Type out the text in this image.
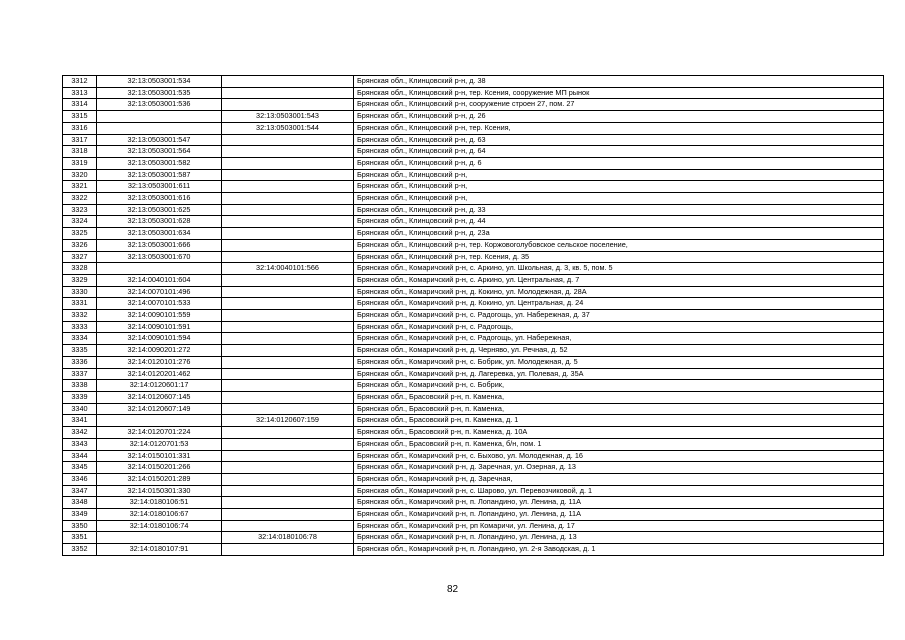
3312	32:13:0503001:534		Брянская обл., Клинцовский р-н, д. 38
3313	32:13:0503001:535		Брянская обл., Клинцовский р-н, тер. Ксения, сооружение МП рынок
3314	32:13:0503001:536		Брянская обл., Клинцовский р-н, сооружение строен 27, пом. 27
3315		32:13:0503001:543	Брянская обл., Клинцовский р-н, д. 26
3316		32:13:0503001:544	Брянская обл., Клинцовский р-н, тер. Ксения,
3317	32:13:0503001:547		Брянская обл., Клинцовский р-н, д. 63
3318	32:13:0503001:564		Брянская обл., Клинцовский р-н, д. 64
3319	32:13:0503001:582		Брянская обл., Клинцовский р-н, д. 6
3320	32:13:0503001:587		Брянская обл., Клинцовский р-н,
3321	32:13:0503001:611		Брянская обл., Клинцовский р-н,
3322	32:13:0503001:616		Брянская обл., Клинцовский р-н,
3323	32:13:0503001:625		Брянская обл., Клинцовский р-н, д. 33
3324	32:13:0503001:628		Брянская обл., Клинцовский р-н, д. 44
3325	32:13:0503001:634		Брянская обл., Клинцовский р-н, д. 23а
3326	32:13:0503001:666		Брянская обл., Клинцовский р-н, тер. Коржовоголубовское сельское поселение,
3327	32:13:0503001:670		Брянская обл., Клинцовский р-н, тер. Ксения, д. 35
3328		32:14:0040101:566	Брянская обл., Комаричский р-н, с. Аркино, ул. Школьная, д. 3, кв. 5, пом. 5
3329	32:14:0040101:604		Брянская обл., Комаричский р-н, с. Аркино, ул. Центральная, д. 7
3330	32:14:0070101:496		Брянская обл., Комаричский р-н, д. Кокино, ул. Молодежная, д. 28А
3331	32:14:0070101:533		Брянская обл., Комаричский р-н, д. Кокино, ул. Центральная, д. 24
3332	32:14:0090101:559		Брянская обл., Комаричский р-н, с. Радогощь, ул. Набережная, д. 37
3333	32:14:0090101:591		Брянская обл., Комаричский р-н, с. Радогощь,
3334	32:14:0090101:594		Брянская обл., Комаричский р-н, с. Радогощь, ул. Набережная,
3335	32:14:0090201:272		Брянская обл., Комаричский р-н, д. Черняво, ул. Речная, д. 52
3336	32:14:0120101:276		Брянская обл., Комаричский р-н, с. Бобрик, ул. Молодежная, д. 5
3337	32:14:0120201:462		Брянская обл., Комаричский р-н, д. Лагеревка, ул. Полевая, д. 35А
3338	32:14:0120601:17		Брянская обл., Комаричский р-н, с. Бобрик,
3339	32:14:0120607:145		Брянская обл., Брасовский р-н, п. Каменка,
3340	32:14:0120607:149		Брянская обл., Брасовский р-н, п. Каменка,
3341		32:14:0120607:159	Брянская обл., Брасовский р-н, п. Каменка, д. 1
3342	32:14:0120701:224		Брянская обл., Брасовский р-н, п. Каменка, д. 10А
3343	32:14:0120701:53		Брянская обл., Брасовский р-н, п. Каменка, б/н, пом. 1
3344	32:14:0150101:331		Брянская обл., Комаричский р-н, с. Быхово, ул. Молодежная, д. 16
3345	32:14:0150201:266		Брянская обл., Комаричский р-н, д. Заречная, ул. Озерная, д. 13
3346	32:14:0150201:289		Брянская обл., Комаричский р-н, д. Заречная,
3347	32:14:0150301:330		Брянская обл., Комаричский р-н, с. Шарово, ул. Перевозчиковой, д. 1
3348	32:14:0180106:51		Брянская обл., Комаричский р-н, п. Лопандино, ул. Ленина, д. 11А
3349	32:14:0180106:67		Брянская обл., Комаричский р-н, п. Лопандино, ул. Ленина, д. 11А
3350	32:14:0180106:74		Брянская обл., Комаричский р-н, рп Комаричи, ул. Ленина, д. 17
3351		32:14:0180106:78	Брянская обл., Комаричский р-н, п. Лопандино, ул. Ленина, д. 13
3352	32:14:0180107:91		Брянская обл., Комаричский р-н, п. Лопандино, ул. 2-я Заводская, д. 1
82
